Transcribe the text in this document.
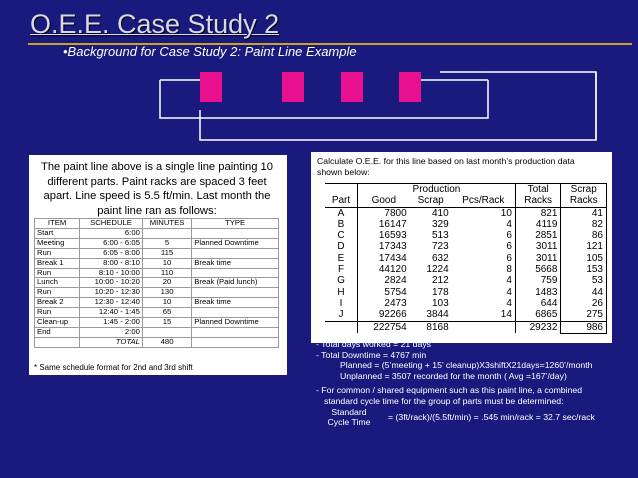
O.E.E. Case Study 2
•Background for Case Study 2: Paint Line Example
The paint line above is a single line painting 10 different parts. Paint racks are spaced 3 feet apart. Line speed is 5.5 ft/min. Last month the paint line ran as follows:
ITEM	SCHEDULE	MINUTES	TYPE
Start	6:00		
Meeting	6:00 - 6:05	5	Planned Downtime
Run	6:05 - 8:00	115	
Break 1	8:00 - 8:10	10	Break time
Run	8:10 - 10:00	110	
Lunch	10:00 - 10:20	20	Break (Paid lunch)
Run	10:20 - 12:30	130	
Break 2	12:30 - 12:40	10	Break time
Run	12:40 - 1:45	65	
Clean-up	1:45 - 2:00	15	Planned Downtime
End	2:00		
	TOTAL	480	
* Same schedule format for 2nd and 3rd shift
Calculate O.E.E. for this line based on last month’s production data shown below:
	Production			Total	Scrap
Part	Good	Scrap	Pcs/Rack	Racks	Racks
A	7800	410	10	821	41
B	16147	329	4	4119	82
C	16593	513	6	2851	86
D	17343	723	6	3011	121
E	17434	632	6	3011	105
F	44120	1224	8	5668	153
G	2824	212	4	759	53
H	5754	178	4	1483	44
I	2473	103	4	644	26
J	92266	3844	14	6865	275
	222754	8168		29232	986
- Total days worked = 21 days
- Total Downtime = 4767 min
Planned = (5’meeting + 15’ cleanup)X3shiftX21days=1260’/month
Unplanned = 3507 recorded for the month ( Avg =167’/day)
- For common / shared equipment such as this paint line, a combined
standard cycle time for the group of parts must be determined:
Standard
Cycle Time
= (3ft/rack)/(5.5ft/min) = .545 min/rack = 32.7 sec/rack
